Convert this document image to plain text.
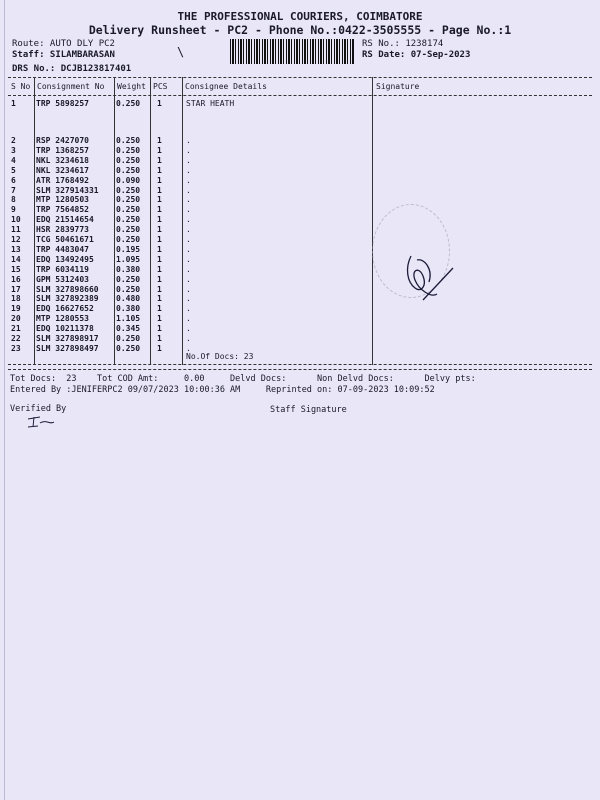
THE PROFESSIONAL COURIERS, COIMBATORE
Delivery Runsheet - PC2 - Phone No.:0422-3505555 - Page No.:1
Route: AUTO DLY PC2
Staff: SILAMBARASAN
DRS No.: DCJB123817401
\
RS No.: 1238174
RS Date: 07-Sep-2023
S No Consignment No Weight PCS Consignee Details	Signature
1	TRP 5898257	0.250 1	STAR HEATH
2	RSP 2427070	0.250 1	.
3	TRP 1368257	0.250 1	.
4	NKL 3234618	0.250 1	.
5	NKL 3234617	0.250 1	.
6	ATR 1768492	0.090 1	.
7	SLM 327914331 0.250 1	.
8	MTP 1280503	0.250 1	.
9	TRP 7564852	0.250 1	.
10 EDQ 21514654	0.250 1	.
11 HSR 2839773	0.250 1	.
12 TCG 50461671	0.250 1	.
13 TRP 4483047	0.195 1	.
14 EDQ 13492495	1.095 1	.
15 TRP 6034119	0.380 1	.
16 GPM 5312403	0.250 1	.
17 SLM 327898660 0.250 1	.
18 SLM 327892389 0.480 1	.
19 EDQ 16627652	0.380 1	.
20 MTP 1280553	1.105 1	.
21 EDQ 10211378	0.345 1	.
22 SLM 327898917 0.250 1	.
23 SLM 327898497 0.250 1	.
No.Of Docs: 23
Tot Docs:  23    Tot COD Amt:     0.00     Delvd Docs:      Non Delvd Docs:      Delvy pts:
Entered By :JENIFERPC2 09/07/2023 10:00:36 AM     Reprinted on: 07-09-2023 10:09:52
Verified By	Staff Signature
